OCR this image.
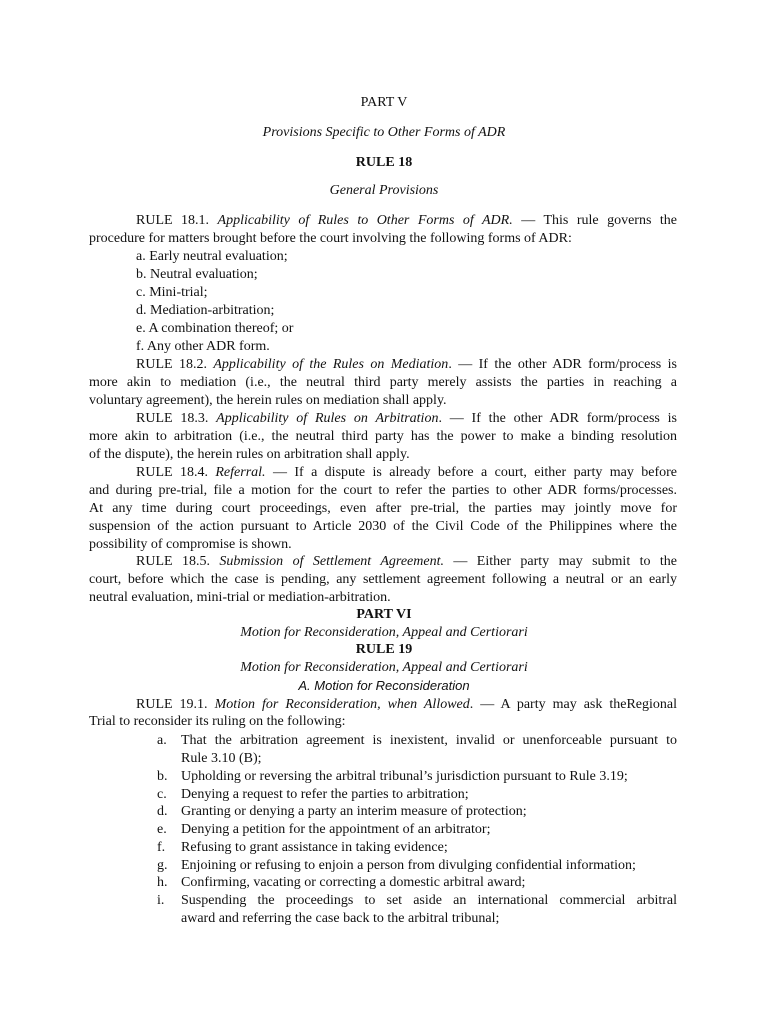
PART V
Provisions Specific to Other Forms of ADR
RULE 18
General Provisions
RULE 18.1. Applicability of Rules to Other Forms of ADR. — This rule governs the
procedure for matters brought before the court involving the following forms of ADR:
a. Early neutral evaluation;
b. Neutral evaluation;
c. Mini-trial;
d. Mediation-arbitration;
e. A combination thereof; or
f. Any other ADR form.
RULE 18.2. Applicability of the Rules on Mediation. — If the other ADR form/process is
more akin to mediation (i.e., the neutral third party merely assists the parties in reaching a
voluntary agreement), the herein rules on mediation shall apply.
RULE 18.3. Applicability of Rules on Arbitration. — If the other ADR form/process is
more akin to arbitration (i.e., the neutral third party has the power to make a binding resolution
of the dispute), the herein rules on arbitration shall apply.
RULE 18.4. Referral. — If a dispute is already before a court, either party may before
and during pre-trial, file a motion for the court to refer the parties to other ADR forms/processes.
At any time during court proceedings, even after pre-trial, the parties may jointly move for
suspension of the action pursuant to Article 2030 of the Civil Code of the Philippines where the
possibility of compromise is shown.
RULE 18.5. Submission of Settlement Agreement. — Either party may submit to the
court, before which the case is pending, any settlement agreement following a neutral or an early
neutral evaluation, mini-trial or mediation-arbitration.
PART VI
Motion for Reconsideration, Appeal and Certiorari
RULE 19
Motion for Reconsideration, Appeal and Certiorari
A. Motion for Reconsideration
RULE 19.1. Motion for Reconsideration, when Allowed. — A party may ask theRegional
Trial to reconsider its ruling on the following:
a. That the arbitration agreement is inexistent, invalid or unenforceable pursuant to
Rule 3.10 (B);
b. Upholding or reversing the arbitral tribunal’s jurisdiction pursuant to Rule 3.19;
c. Denying a request to refer the parties to arbitration;
d. Granting or denying a party an interim measure of protection;
e. Denying a petition for the appointment of an arbitrator;
f. Refusing to grant assistance in taking evidence;
g. Enjoining or refusing to enjoin a person from divulging confidential information;
h. Confirming, vacating or correcting a domestic arbitral award;
i. Suspending the proceedings to set aside an international commercial arbitral
award and referring the case back to the arbitral tribunal;
